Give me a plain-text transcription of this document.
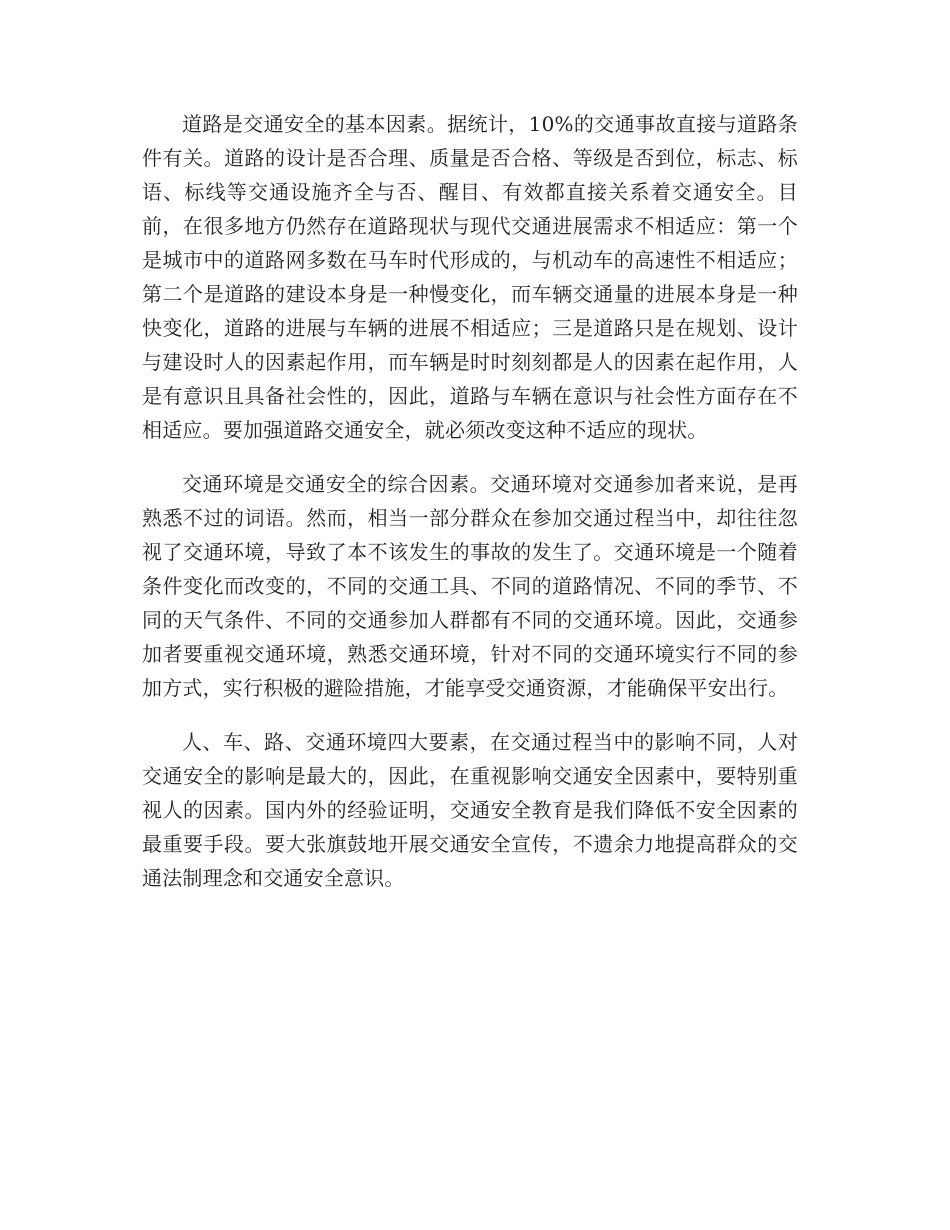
道路是交通安全的基本因素。据统计，10%的交通事故直接与道路条件有关。道路的设计是否合理、质量是否合格、等级是否到位，标志、标语、标线等交通设施齐全与否、醒目、有效都直接关系着交通安全。目前，在很多地方仍然存在道路现状与现代交通进展需求不相适应：第一个是城市中的道路网多数在马车时代形成的，与机动车的高速性不相适应；第二个是道路的建设本身是一种慢变化，而车辆交通量的进展本身是一种快变化，道路的进展与车辆的进展不相适应；三是道路只是在规划、设计与建设时人的因素起作用，而车辆是时时刻刻都是人的因素在起作用，人是有意识且具备社会性的，因此，道路与车辆在意识与社会性方面存在不相适应。要加强道路交通安全，就必须改变这种不适应的现状。

交通环境是交通安全的综合因素。交通环境对交通参加者来说，是再熟悉不过的词语。然而，相当一部分群众在参加交通过程当中，却往往忽视了交通环境，导致了本不该发生的事故的发生了。交通环境是一个随着条件变化而改变的，不同的交通工具、不同的道路情况、不同的季节、不同的天气条件、不同的交通参加人群都有不同的交通环境。因此，交通参加者要重视交通环境，熟悉交通环境，针对不同的交通环境实行不同的参加方式，实行积极的避险措施，才能享受交通资源，才能确保平安出行。

人、车、路、交通环境四大要素，在交通过程当中的影响不同，人对交通安全的影响是最大的，因此，在重视影响交通安全因素中，要特别重视人的因素。国内外的经验证明，交通安全教育是我们降低不安全因素的最重要手段。要大张旗鼓地开展交通安全宣传，不遗余力地提高群众的交通法制理念和交通安全意识。
